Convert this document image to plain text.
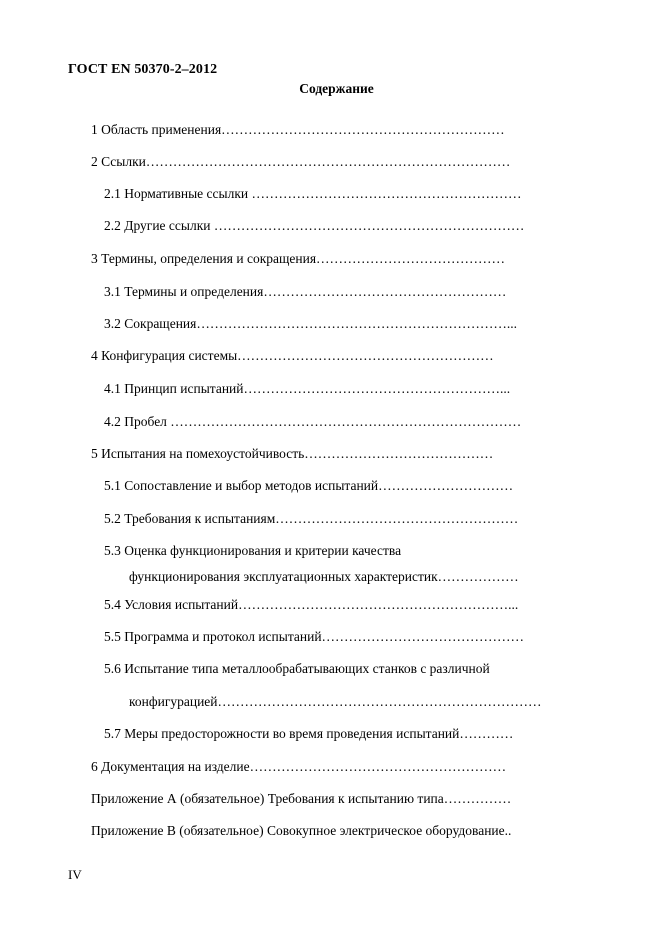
ГОСТ EN 50370-2–2012
Содержание
1 Область применения………………………………………………………
2 Ссылки………………………………………………………………………
2.1 Нормативные ссылки ……………………………………………………
2.2 Другие ссылки ……………………………………………………………
3 Термины, определения и сокращения……………………………………
3.1 Термины и определения………………………………………………
3.2 Сокращения……………………………………………………………...
4 Конфигурация системы…………………………………………………
4.1 Принцип испытаний…………………………………………………...
4.2 Пробел ……………………………………………………………………
5 Испытания на помехоустойчивость……………………………………
5.1 Сопоставление и выбор методов испытаний…………………………
5.2 Требования к испытаниям………………………………………………
5.3 Оценка функционирования и критерии качества
функционирования эксплуатационных характеристик………………
5.4 Условия испытаний……………………………………………………...
5.5 Программа и протокол испытаний………………………………………
5.6 Испытание типа металлообрабатывающих станков с различной
конфигурацией………………………………………………………………
5.7 Меры предосторожности во время проведения испытаний…………
6 Документация на изделие…………………………………………………
Приложение А (обязательное) Требования к испытанию типа……………
Приложение В (обязательное) Совокупное электрическое оборудование..
IV
